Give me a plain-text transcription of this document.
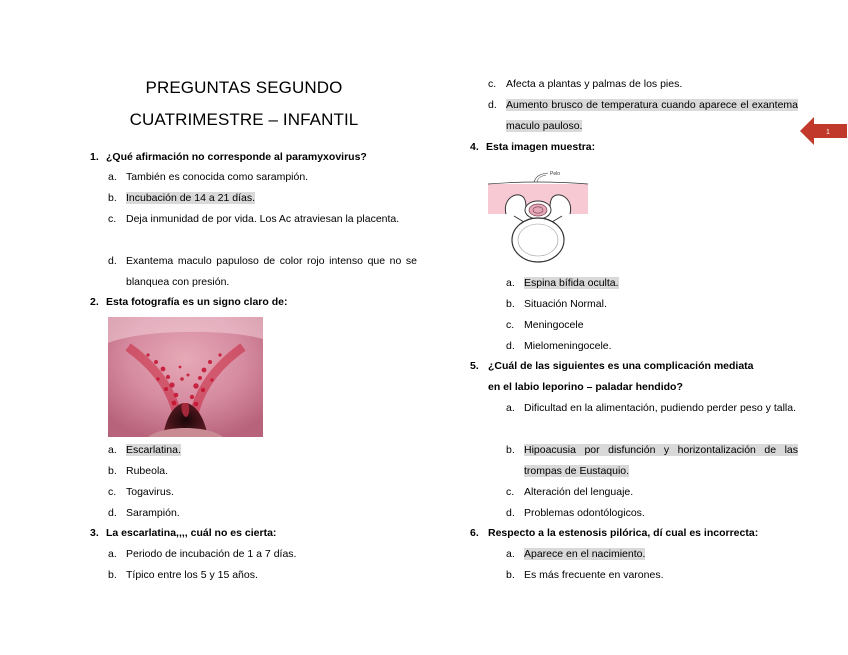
PREGUNTAS SEGUNDO
CUATRIMESTRE – INFANTIL
1. ¿Qué afirmación no corresponde al paramyxovirus?
a. También es conocida como sarampión.
b. Incubación de 14 a 21 días.
c. Deja inmunidad de por vida. Los Ac atraviesan la placenta.
d. Exantema maculo papuloso de color rojo intenso que no se blanquea con presión.
2. Esta fotografía es un signo claro de:
a. Escarlatina.
b. Rubeola.
c. Togavirus.
d. Sarampión.
3. La escarlatina,,,, cuál no es cierta:
a. Periodo de incubación de 1 a 7 días.
b. Típico entre los 5 y 15 años.
c. Afecta a plantas y palmas de los pies.
d. Aumento brusco de temperatura cuando aparece el exantema maculo pauloso.
4. Esta imagen muestra:
Pelo
a. Espina bífida oculta.
b. Situación Normal.
c. Meningocele
d. Mielomeningocele.
5. ¿Cuál de las siguientes es una complicación mediata
en el labio leporino – paladar hendido?
a. Dificultad en la alimentación, pudiendo perder peso y talla.
b. Hipoacusia por disfunción y horizontalización de las trompas de Eustaquio.
c. Alteración del lenguaje.
d. Problemas odontólogicos.
6. Respecto a la estenosis pilórica, dí cual es incorrecta:
a. Aparece en el nacimiento.
b. Es más frecuente en varones.
1
